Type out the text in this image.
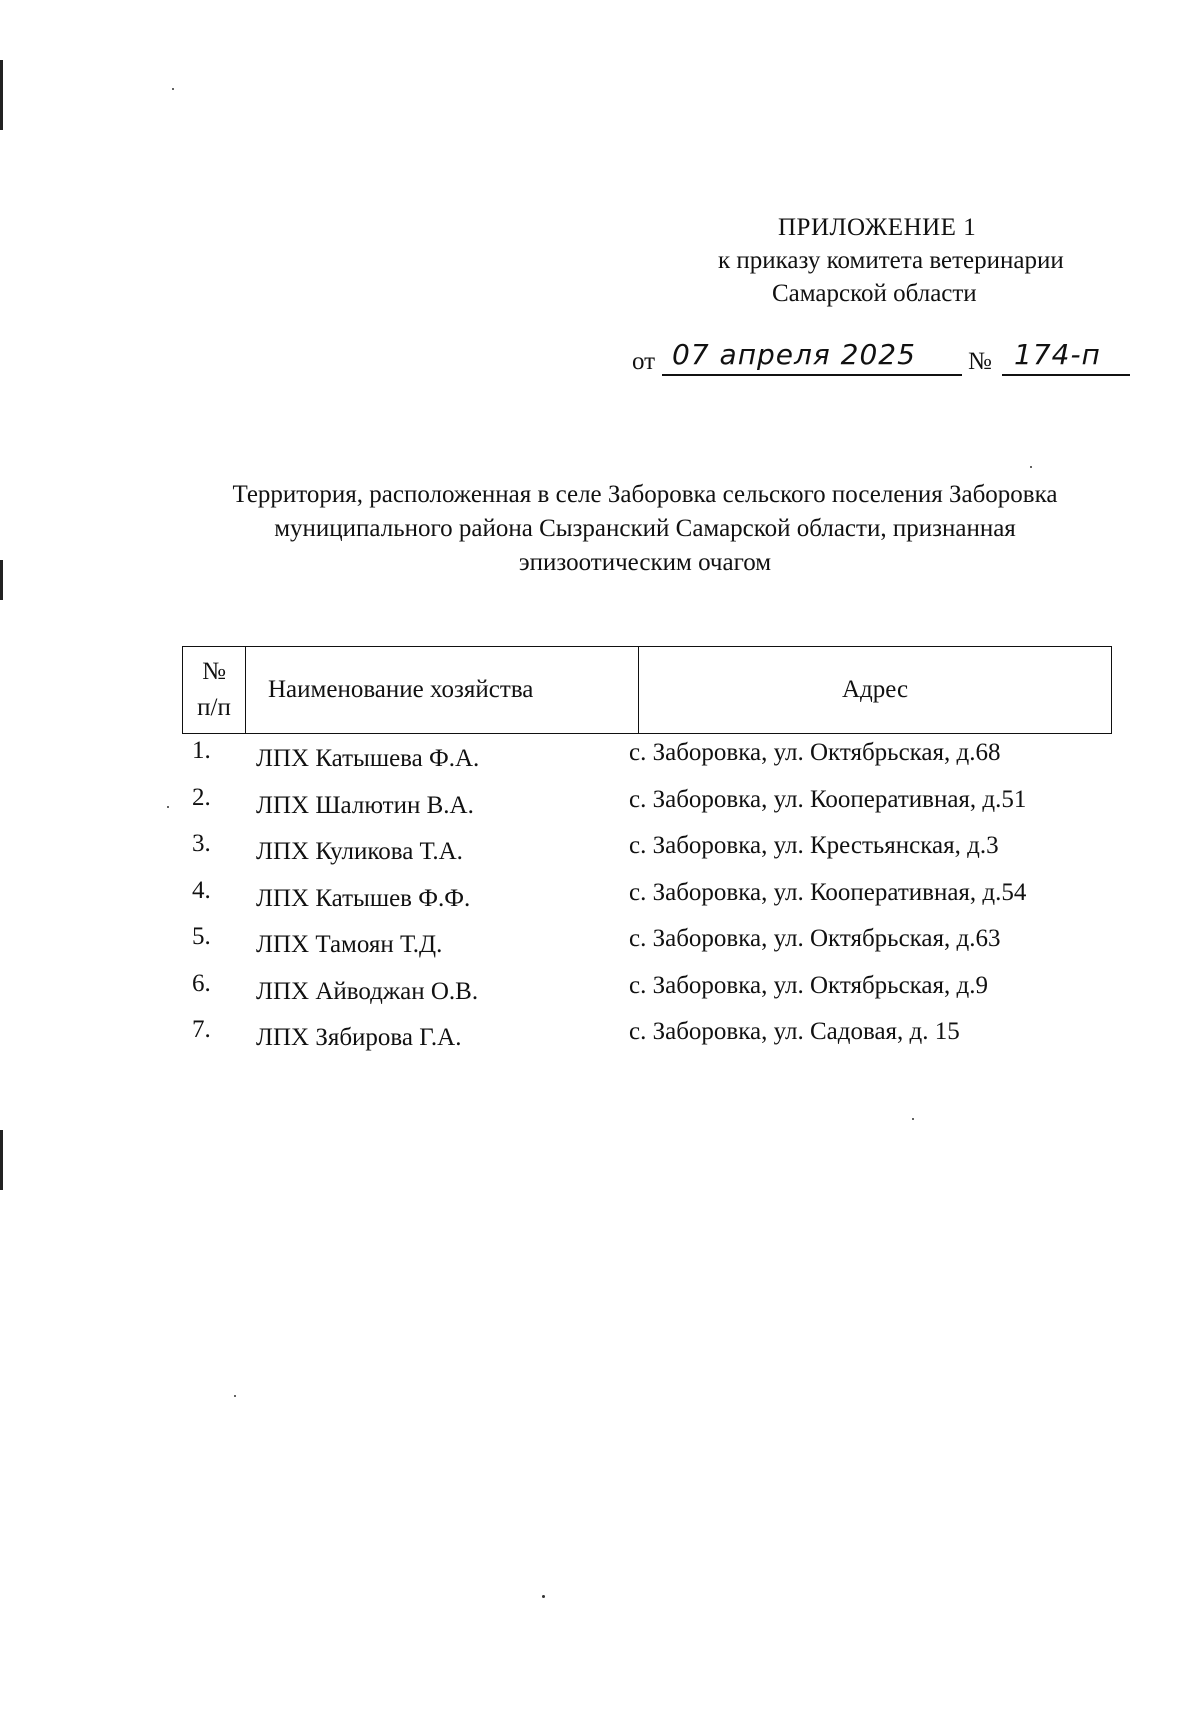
ПРИЛОЖЕНИЕ 1
к приказу комитета ветеринарии
Самарской области
от 07 апреля 2025 № 174-п
Территория, расположенная в селе Заборовка сельского поселения Заборовка
муниципального района Сызранский Самарской области, признанная
эпизоотическим очагом
№
п/п
	Наименование хозяйства	Адрес
1. ЛПХ Катышева Ф.А.	с. Заборовка, ул. Октябрьская, д.68
2. ЛПХ Шалютин В.А.	с. Заборовка, ул. Кооперативная, д.51
3. ЛПХ Куликова Т.А.	с. Заборовка, ул. Крестьянская, д.3
4. ЛПХ Катышев Ф.Ф.	с. Заборовка, ул. Кооперативная, д.54
5. ЛПХ Тамоян Т.Д.	с. Заборовка, ул. Октябрьская, д.63
6. ЛПХ Айводжан О.В.	с. Заборовка, ул. Октябрьская, д.9
7. ЛПХ Зябирова Г.А.	с. Заборовка, ул. Садовая, д. 15
